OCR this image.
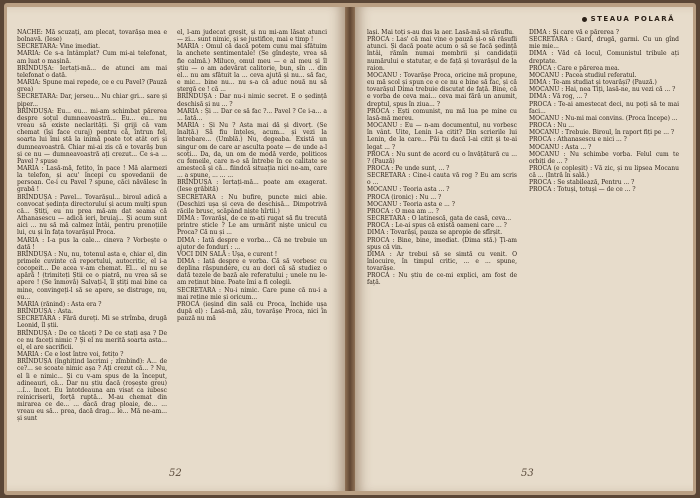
NACHE: Mă scuzați, am plecat, tovarășa mea e bolnavă. (Iese)

SECRETARA: Vine imediat.

MARIA: Ce s-a întâmplat? Cum mi-ai telefonat, am luat o mașină.

BRÎNDUȘA: Iertați-mă... de atunci am mai telefonat o dată.

MARIA: Spune mai repede, ce e cu Pavel? (Pauză grea)

SECRETARA: Dar, jerseu... Nu chiar gri... sare și piper...

BRÎNDUȘA: Eu... eu... mi-am schimbat părerea despre soțul dumneavoastră... Eu... eu... nu vreau să existe neclarități. Și griji că vam chemat (își face curaj) pentru că, întrun fel, soarta lui îmi stă la inimă poate tot atât ori și dumneavoastră. Chiar mi-ai zis că e tovarăș bun și ce nu — dumneavoastră ați crezut... Ce s-a ... Pavel ? spuse

MARIA : Lasă-mă, fetițo, în pace ! Mă alarmezi la telefon, și acu' începi cu spovedanii de persoan. Ce-i cu Pavel ? spune, căci năvălesc în grabă !

BRÎNDUȘA : Pavel... Tovarășul... biroul adică a convocat ședința directorului și acum mulți spun că... Știți, eu nu prea mă-am dat seama că Athanasescu — adică ieri, bruiaj... Și acum sunt aici ... nu să mă calmez întâi, pentru prenoțiile lui, cu și în fața tovarășul Proca.

MARIA : I-a pus la cale... cineva ? Vorbește o dată !

BRÎNDUȘA : Nu, nu, totenul asta e, chiar el, din primele cuvinte că reportului, autocritic, el i-a cocopeit... De acea v-am chemat. El... el nu se apără ! (trimiteți Știi ce o piatră, nu vrea să se apere ! (Se înmovă) Salvați-l, îl știți mai bine ca mine, convingeți-l să se apere, se distruge, nu, eu...

MARIA (rănind) : Asta era ?

BRÎNDUȘA : Asta.

SECRETARA : Fără dureți. Mi se strîmba, drugă Leonid, îl știi.

BRÎNDUȘA : De ce tăceți ? De ce stați așa ? De ce nu faceți nimic ? Și el nu merită soarta asta... el, el are sacrificii.

MARIA : Ce e lost între voi, fetițo ?

BRÎNDUȘA (înghițind lacrimi ; zîmbind): A... de ce?... se scoate nimic așa ? Ați crezut că... ? Nu, el îi e nimic... Și cu v-am spus de la început, adineauri, că... Dar nu știu dacă (roșește greu) ...î... încet. Eu întotdeauna am visat ca iubesc reinicriserii, forță ruptă... M-au chemat din mirarea ce de... ... dacă drag ploaie, de... ... vreau eu să... prea, dacă drag... le... Mă ne-am... și sunt

el, l-am judecat greșit, și nu mi-am lăsat atunci — zi... sunt nimic, și se justifice, mai e timp !

MARIA : Omul că dacă potem cunu mai sfătuim la anchete sentimentale! (Se gîndește, vrea să fie calmă.) Miluco, omul meu — e al meu și îl știu — o am adevărat calitorie, bun, sîn ... din el... nu am sfătuit la ... ceva ajută și nu... să fac, e mic... bine nu... nu s-a că aduc nouă nu să ștergă ce ! că ...

BRÎNDUȘA : Dar nu-i nimic secret. E o ședință deschisă și nu ... ?

MARIA : Și ... Dar ce să fac ?... Pavel ? Ce i-a... a ... Iată...

MARIA : Și Nu ? Asta mai dă și divorț. (Se înalță.) Să fiu înțeles, acum... și vezi la întrebare... (Umblă.) Nu, degeaba. Există un singur om de care ar asculta poate — de unde a-l scoți... Da, da, un om de modă verde, politicos cu femeile, care n-o să întrebe în ce calitate se amestecă și că... fiindcă situația nici ne-am, care ... a spune, ... ... ...

BRÎNDUȘA : Iertați-mă... poate am exagerat. (Iese grăbită)

SECRETARA : Nu bufire, puncte mici abie. (Deschizi ușa și ceva de deschisă... Dimpotrivă răcile brusc, scăpând niște hîrtii.)

DIMA : Tovarăși, de ce m-ați rugat să fiu trecută printre sticle ? Le am urmărit niște unicul cu Proca? Că nu și ...

DIMA : Iată despre e vorba... Că ne trebuie un ajutor de fonduri : ...

VOCI DIN SALĂ : Ușa, e curent !

DIMA : Iată despre e vorba. Că să vorbesc cu deplina răspundere, cu au dori că să studiez o dată tezele de bază ale referatului ; unele nu le-am reținut bine. Poate îmi a fi colegii.

SECRETARA : Nu-i nimic. Care pune că nu-i a mai reține mie și oricum...

PROCA (ieșind din sală cu Proca, închide ușa după el) : Lasă-mă, zău, tovarășe Proca, nici în pauză nu mă

52
STEAUA POLARĂ

lași. Mai toți s-au dus la aer. Lasă-mă să răsuflu.

PROCA : Las' că mai vine o pauză și-o să răsufli atunci. Și dacă poate acum o să se facă ședință întâi, rămîn numai membrii și candidații numărului e statutar, e de față și tovarășul de la raion.

MOCANU : Tovarășe Proca, oricine mă propune, eu mă scol și spun ce e ce nu e bine să fac, și că tovarășul Dima trebuie discutat de față. Bine, că e vorba de ceva mai... ceva mai fără un anumit, dreptul, spus în ziua... ?

PROCA : Ești comunist, nu mă lua pe mine cu lasă-mă mereu.

MOCANU : Eu — n-am documentul, nu vorbesc în vânt. Uite, Lenin l-a citit? Din scrierile lui Lenin, de la care... Păi tu dacă l-ai citit și te-ai legat ... ?

PROCA : Nu sunt de acord cu o învățătură cu ... ? (Pauză)

PROCA : Pe unde sunt, ... ?

SECRETARA : Cine-i cauta vă rog ? Eu am scris o ...

MOCANU : Teoria asta ... ?

PROCA (ironic) : Nu ... ?

MOCANU : Teoria asta e ... ?

PROCA : O mea am ... ?

SECRETARA : O latinescă, gata de casă, ceva...

PROCA : Le-ai spus că există oameni care ... ?

DIMA : Tovarăși, pauza se apropie de sfîrșit.

PROCA : Bine, bine, imediat. (Dima stă.) Ți-am spus că vin.

DIMA : Ar trebui să se simtă cu venit. O înlocuire, în timpul critic, ... e ... spune, tovarășe.

PROCA : Nu știu de ce-mi explici, am fost de față.

DIMA : Și care vă e părerea ?

SECRETARA : Gard, drugă, garmi. Cu un gînd mie mie...

DIMA : Văd că locul, Comunistul tribule ați dreptate.

PROCA : Care e părerea mea.

MOCANU : Pacea studiul referatul.

DIMA : Te-am studiat și tovarăși? (Pauză.)

MOCANU : Hai, nea Tiți, lasă-ne, nu vezi că ... ?

DIMA : Vă rog, ... ?

PROCA : Te-ai amestecat deci, nu poți să te mai faci...

MOCANU : Nu-mi mai convins. (Proca începe) ...

PROCA : Nu ...

MOCANU : Trebuie. Biroul, în raport fiți pe ... ?

PROCA : Athanasescu e nici ... ?

MOCANU : Asta ... ?

MOCANU : Nu schimbe vorba. Felul cum te orbiți de ... ?

PROCA (e copleșit) : Vă zic, și nu lipsea Mocanu că ... (Intră în sală.)

PROCA : Se stabilează, Pentru ... ?

PROCA : Totuși, totuși — de ce ... ?

53
